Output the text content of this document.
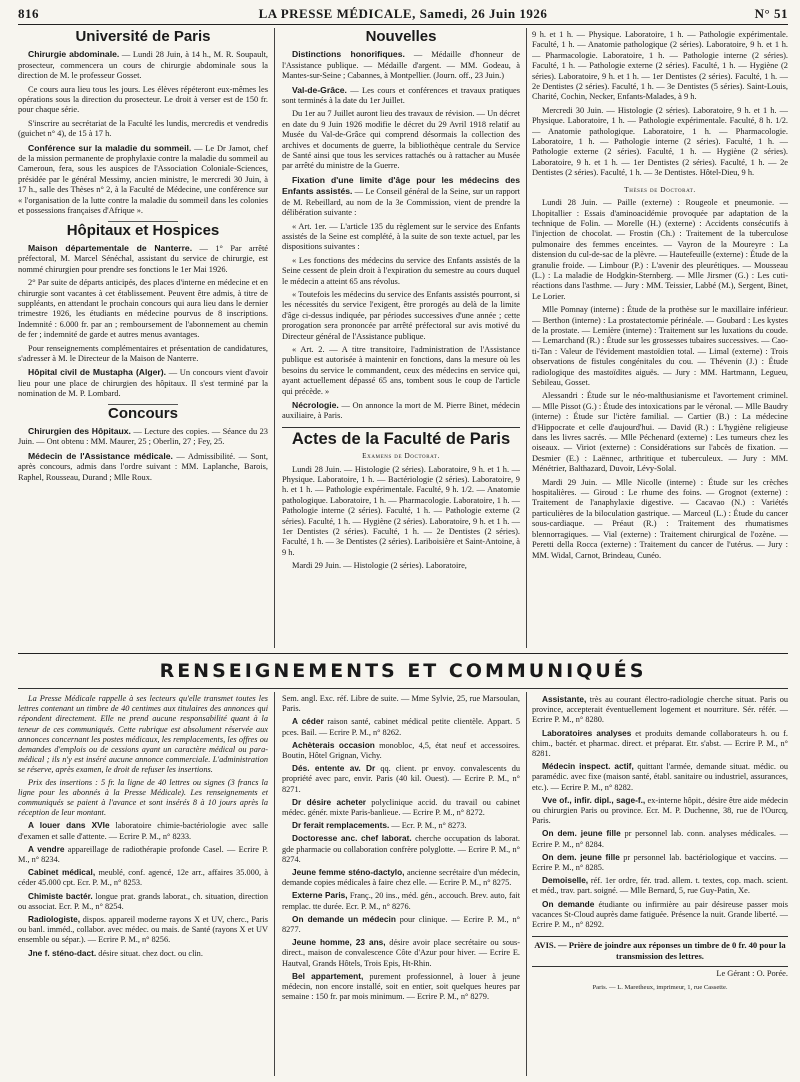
816	LA PRESSE MÉDICALE, Samedi, 26 Juin 1926	N° 51
Université de Paris

Chirurgie abdominale. — Lundi 28 Juin, à 14 h., M. R. Soupault, prosecteur, commencera un cours de chirurgie abdominale sous la direction de M. le professeur Gosset.

Ce cours aura lieu tous les jours. Les élèves répéteront eux-mêmes les opérations sous la direction du prosecteur. Le droit à verser est de 150 fr. pour chaque série.

S'inscrire au secrétariat de la Faculté les lundis, mercredis et vendredis (guichet n° 4), de 15 à 17 h.

Conférence sur la maladie du sommeil. — Le Dr Jamot, chef de la mission permanente de prophylaxie contre la maladie du sommeil au Cameroun, fera, sous les auspices de l'Association Coloniale-Sciences, présidée par le général Messimy, ancien ministre, le mercredi 30 Juin, à 17 h., salle des Thèses n° 2, à la Faculté de Médecine, une conférence sur « l'organisation de la lutte contre la maladie du sommeil dans les colonies et possessions françaises d'Afrique ».

Hôpitaux et Hospices

Maison départementale de Nanterre. — 1° Par arrêté préfectoral, M. Marcel Sénéchal, assistant du service de chirurgie, est nommé chirurgien pour prendre ses fonctions le 1er Mai 1926.

2° Par suite de départs anticipés, des places d'interne en médecine et en chirurgie sont vacantes à cet établissement. Peuvent être admis, à titre de suppléants, en attendant le prochain concours qui aura lieu dans le dernier trimestre 1926, les étudiants en médecine pourvus de 8 inscriptions. Indemnité : 6.000 fr. par an ; remboursement de l'abonnement au chemin de fer ; indemnité de garde et autres menus avantages.

Pour renseignements complémentaires et présentation de candidatures, s'adresser à M. le Directeur de la Maison de Nanterre.

Hôpital civil de Mustapha (Alger). — Un concours vient d'avoir lieu pour une place de chirurgien des hôpitaux. Il s'est terminé par la nomination de M. P. Lombard.

Concours

Chirurgien des Hôpitaux. — Lecture des copies. — Séance du 23 Juin. — Ont obtenu : MM. Maurer, 25 ; Oberlin, 27 ; Fey, 25.

Médecin de l'Assistance médicale. — Admissibilité. — Sont, après concours, admis dans l'ordre suivant : MM. Laplanche, Barois, Raphel, Rousseau, Durand ; Mlle Roux.

Nouvelles

Distinctions honorifiques. — Médaille d'honneur de l'Assistance publique. — Médaille d'argent. — MM. Godeau, à Mantes-sur-Seine ; Cabannes, à Montpellier. (Journ. off., 23 Juin.)

Val-de-Grâce. — Les cours et conférences et travaux pratiques sont terminés à la date du 1er Juillet.

Du 1er au 7 Juillet auront lieu des travaux de révision. — Un décret en date du 9 Juin 1926 modifie le décret du 29 Avril 1918 relatif au Musée du Val-de-Grâce qui comprend désormais la collection des archives et documents de guerre, la bibliothèque centrale du Service de Santé ainsi que tous les services rattachés ou à rattacher au Musée par arrêté du ministre de la Guerre.

Fixation d'une limite d'âge pour les médecins des Enfants assistés. — Le Conseil général de la Seine, sur un rapport de M. Rebeillard, au nom de la 3e Commission, vient de prendre la délibération suivante :

« Art. 1er. — L'article 135 du règlement sur le service des Enfants assistés de la Seine est complété, à la suite de son texte actuel, par les dispositions suivantes :

« Les fonctions des médecins du service des Enfants assistés de la Seine cessent de plein droit à l'expiration du semestre au cours duquel le médecin a atteint 65 ans révolus.

« Toutefois les médecins du service des Enfants assistés pourront, si les nécessités du service l'exigent, être prorogés au delà de la limite d'âge ci-dessus indiquée, par périodes successives d'une année ; cette prorogation sera prononcée par arrêté préfectoral sur avis motivé du Directeur général de l'Assistance publique.

« Art. 2. — A titre transitoire, l'administration de l'Assistance publique est autorisée à maintenir en fonctions, dans la mesure où les besoins du service le commandent, ceux des médecins en service qui, ayant actuellement dépassé 65 ans, tombent sous le coup de l'article qui précède. »

Nécrologie. — On annonce la mort de M. Pierre Binet, médecin auxiliaire, à Paris.

Actes de la Faculté de Paris
Examens de Doctorat.

Lundi 28 Juin. — Histologie (2 séries). Laboratoire, 9 h. et 1 h. — Physique. Laboratoire, 1 h. — Bactériologie (2 séries). Laboratoire, 9 h. et 1 h. — Pathologie expérimentale. Faculté, 9 h. 1/2. — Anatomie pathologique. Laboratoire, 1 h. — Pharmacologie. Laboratoire, 1 h. — Pathologie interne (2 séries). Faculté, 1 h. — Pathologie externe (2 séries). Faculté, 1 h. — Hygiène (2 séries). Laboratoire, 9 h. et 1 h. — 1er Dentistes (2 séries). Faculté, 1 h. — 2e Dentistes (2 séries). Faculté, 1 h. — 3e Dentistes (2 séries). Lariboisière et Saint-Antoine, à 9 h.

Mardi 29 Juin. — Histologie (2 séries). Laboratoire,

9 h. et 1 h. — Physique. Laboratoire, 1 h. — Pathologie expérimentale. Faculté, 1 h. — Anatomie pathologique (2 séries). Laboratoire, 9 h. et 1 h. — Pharmacologie. Laboratoire, 1 h. — Pathologie interne (2 séries). Faculté, 1 h. — Pathologie externe (2 séries). Faculté, 1 h. — Hygiène (2 séries). Laboratoire, 9 h. et 1 h. — 1er Dentistes (2 séries). Faculté, 1 h. — 2e Dentistes (2 séries). Faculté, 1 h. — 3e Dentistes (5 séries). Saint-Louis, Charité, Cochin, Necker, Enfants-Malades, à 9 h.

Mercredi 30 Juin. — Histologie (2 séries). Laboratoire, 9 h. et 1 h. — Physique. Laboratoire, 1 h. — Pathologie expérimentale. Faculté, 8 h. 1/2. — Anatomie pathologique. Laboratoire, 1 h. — Pharmacologie. Laboratoire, 1 h. — Pathologie interne (2 séries). Faculté, 1 h. — Pathologie externe (2 séries). Faculté, 1 h. — Hygiène (2 séries). Laboratoire, 9 h. et 1 h. — 1er Dentistes (2 séries). Faculté, 1 h. — 2e Dentistes (2 séries). Faculté, 1 h. — 3e Dentistes. Hôtel-Dieu, 9 h.

Thèses de Doctorat.

Lundi 28 Juin. — Paille (externe) : Rougeole et pneumonie. — Lhopitallier : Essais d'aminoacidémie provoquée par adaptation de la technique de Folin. — Morelle (H.) (externe) : Accidents consécutifs à l'injection de chocolat. — Frostin (Ch.) : Traitement de la tuberculose pulmonaire des femmes enceintes. — Vayron de la Moureyre : La distension du cul-de-sac de la plèvre. — Hautefeuille (externe) : Étude de la granulie froide. — Limbour (P.) : L'avenir des pleurétiques. — Mousseau (L.) : La maladie de Hodgkin-Sternberg. — Mlle Jirsmer (G.) : Les cuti-réactions dans l'asthme. — Jury : MM. Teissier, Labbé (M.), Sergent, Binet, Le Lorier.

Mlle Pomnay (interne) : Étude de la prothèse sur le maxillaire inférieur. — Berthon (interne) : La prostatectomie périnéale. — Goubard : Les kystes de la prostate. — Lemière (interne) : Traitement sur les luxations du coude. — Lemarchand (R.) : Étude sur les grossesses tubaires successives. — Cao-ti-Tan : Valeur de l'évidement mastoïdien total. — Limal (externe) : Trois observations de fistules congénitales du cou. — Thévenin (J.) : Étude radiologique des mastoïdites aiguës. — Jury : MM. Hartmann, Legueu, Sebileau, Gosset.

Alessandri : Étude sur le néo-malthusianisme et l'avortement criminel. — Mlle Pissot (G.) : Étude des intoxications par le véronal. — Mlle Baudry (interne) : Étude sur l'ictère familial. — Cartier (B.) : La médecine d'Hippocrate et celle d'aujourd'hui. — David (R.) : L'hygiène religieuse dans les livres sacrés. — Mlle Péchenard (externe) : Les tumeurs chez les oiseaux. — Viriot (externe) : Considérations sur l'abcès de fixation. — Desmier (E.) : Laënnec, arthritique et tuberculeux. — Jury : MM. Ménétrier, Balthazard, Duvoir, Lévy-Solal.

Mardi 29 Juin. — Mlle Nicolle (interne) : Étude sur les crèches hospitalières. — Giroud : Le rhume des foins. — Grognot (externe) : Traitement de l'anaphylaxie digestive. — Cacavao (N.) : Variétés particulières de la biloculation gastrique. — Marceul (L.) : Étude du cancer sous-cardiaque. — Préaut (R.) : Traitement des rhumatismes blennorragiques. — Vial (externe) : Traitement chirurgical de l'ozène. — Peretti della Rocca (externe) : Traitement du cancer de l'utérus. — Jury : MM. Widal, Carnot, Brindeau, Cunéo.

RENSEIGNEMENTS ET COMMUNIQUÉS

La Presse Médicale rappelle à ses lecteurs qu'elle transmet toutes les lettres contenant un timbre de 40 centimes aux titulaires des annonces qui répondent directement. Elle ne prend aucune responsabilité quant à la teneur de ces communiqués. Cette rubrique est absolument réservée aux annonces concernant les postes médicaux, les remplacements, les offres ou demandes d'emplois ou de cessions ayant un caractère médical ou para-médical ; ils n'y est inséré aucune annonce commerciale. L'administration se réserve, après examen, le droit de refuser les insertions.

Prix des insertions : 5 fr. la ligne de 40 lettres ou signes (3 francs la ligne pour les abonnés à la Presse Médicale). Les renseignements et communiqués se paient à l'avance et sont insérés 8 à 10 jours après la réception de leur montant.

A louer dans XVIe laboratoire chimie-bactériologie avec salle d'examen et salle d'attente. — Ecrire P. M., n° 8233.

A vendre appareillage de radiothérapie profonde Casel. — Ecrire P. M., n° 8234.

Cabinet médical, meublé, conf. agencé, 12e arr., affaires 35.000, à céder 45.000 cpt. Ecr. P. M., n° 8253.

Chimiste bactér. longue prat. grands laborat., ch. situation, direction ou associat. Ecr. P. M., n° 8254.

Radiologiste, dispos. appareil moderne rayons X et UV, cherc., Paris ou banl. imméd., collabor. avec médec. ou mais. de Santé (rayons X et UV ensemble ou sépar.). — Ecrire P. M., n° 8256.

Jne f. sténo-dact. désire situat. chez doct. ou clin.

Sem. angl. Exc. réf. Libre de suite. — Mme Sylvie, 25, rue Marsoulan, Paris.

A céder raison santé, cabinet médical petite clientèle. Appart. 5 pces. Bail. — Ecrire P. M., n° 8262.

Achèterais occasion monobloc, 4,5, état neuf et accessoires. Boutin, Hôtel Grignan, Vichy.

Dés. entente av. Dr qq. client. pr envoy. convalescents du propriété avec parc, envir. Paris (40 kil. Ouest). — Ecrire P. M., n° 8271.

Dr désire acheter polyclinique accid. du travail ou cabinet médec. génér. mixte Paris-banlieue. — Ecrire P. M., n° 8272.

Dr ferait remplacements. — Ecr. P. M., n° 8273.

Doctoresse anc. chef laborat. cherche occupation ds laborat. gde pharmacie ou collaboration confrère polyglotte. — Ecrire P. M., n° 8274.

Jeune femme sténo-dactylo, ancienne secrétaire d'un médecin, demande copies médicales à faire chez elle. — Ecrire P. M., n° 8275.

Externe Paris, Franç., 20 ins., méd. gén., accouch. Brev. auto, fait remplac. tte durée. Ecr. P. M., n° 8276.

On demande un médecin pour clinique. — Ecrire P. M., n° 8277.

Jeune homme, 23 ans, désire avoir place secrétaire ou sous-direct., maison de convalescence Côte d'Azur pour hiver. — Ecrire E. Hautval, Grands Hôtels, Trois Epis, Ht-Rhin.

Bel appartement, purement professionnel, à louer à jeune médecin, non encore installé, soit en entier, soit quelques heures par semaine : 150 fr. par mois minimum. — Ecrire P. M., n° 8279.

Assistante, très au courant électro-radiologie cherche situat. Paris ou province, accepterait éventuellement logement et nourriture. Sér. référ. — Ecrire P. M., n° 8280.

Laboratoires analyses et produits demande collaborateurs h. ou f. chim., bactér. et pharmac. direct. et préparat. Etr. s'abst. — Ecrire P. M., n° 8281.

Médecin inspect. actif, quittant l'armée, demande situat. médic. ou paramédic. avec fixe (maison santé, établ. sanitaire ou industriel, assurances, etc.). — Ecrire P. M., n° 8282.

Vve of., infir. dipl., sage-f., ex-interne hôpit., désire être aide médecin ou chirurgien Paris ou province. Ecr. M. P. Duchenne, 38, rue de l'Ourcq, Paris.

On dem. jeune fille pr personnel lab. conn. analyses médicales. — Ecrire P. M., n° 8284.

On dem. jeune fille pr personnel lab. bactériologique et vaccins. — Ecrire P. M., n° 8285.

Demoiselle, réf. 1er ordre, fér. trad. allem. t. textes, cop. mach. scient. et méd., trav. part. soigné. — Mlle Bernard, 5, rue Guy-Patin, Xe.

On demande étudiante ou infirmière au pair désireuse passer mois vacances St-Cloud auprès dame fatiguée. Présence la nuit. Grande liberté. — Ecrire P. M., n° 8292.

AVIS. — Prière de joindre aux réponses un timbre de 0 fr. 40 pour la transmission des lettres.
Le Gérant : O. Porée.
Paris. — L. Maretheux, imprimeur, 1, rue Cassette.
